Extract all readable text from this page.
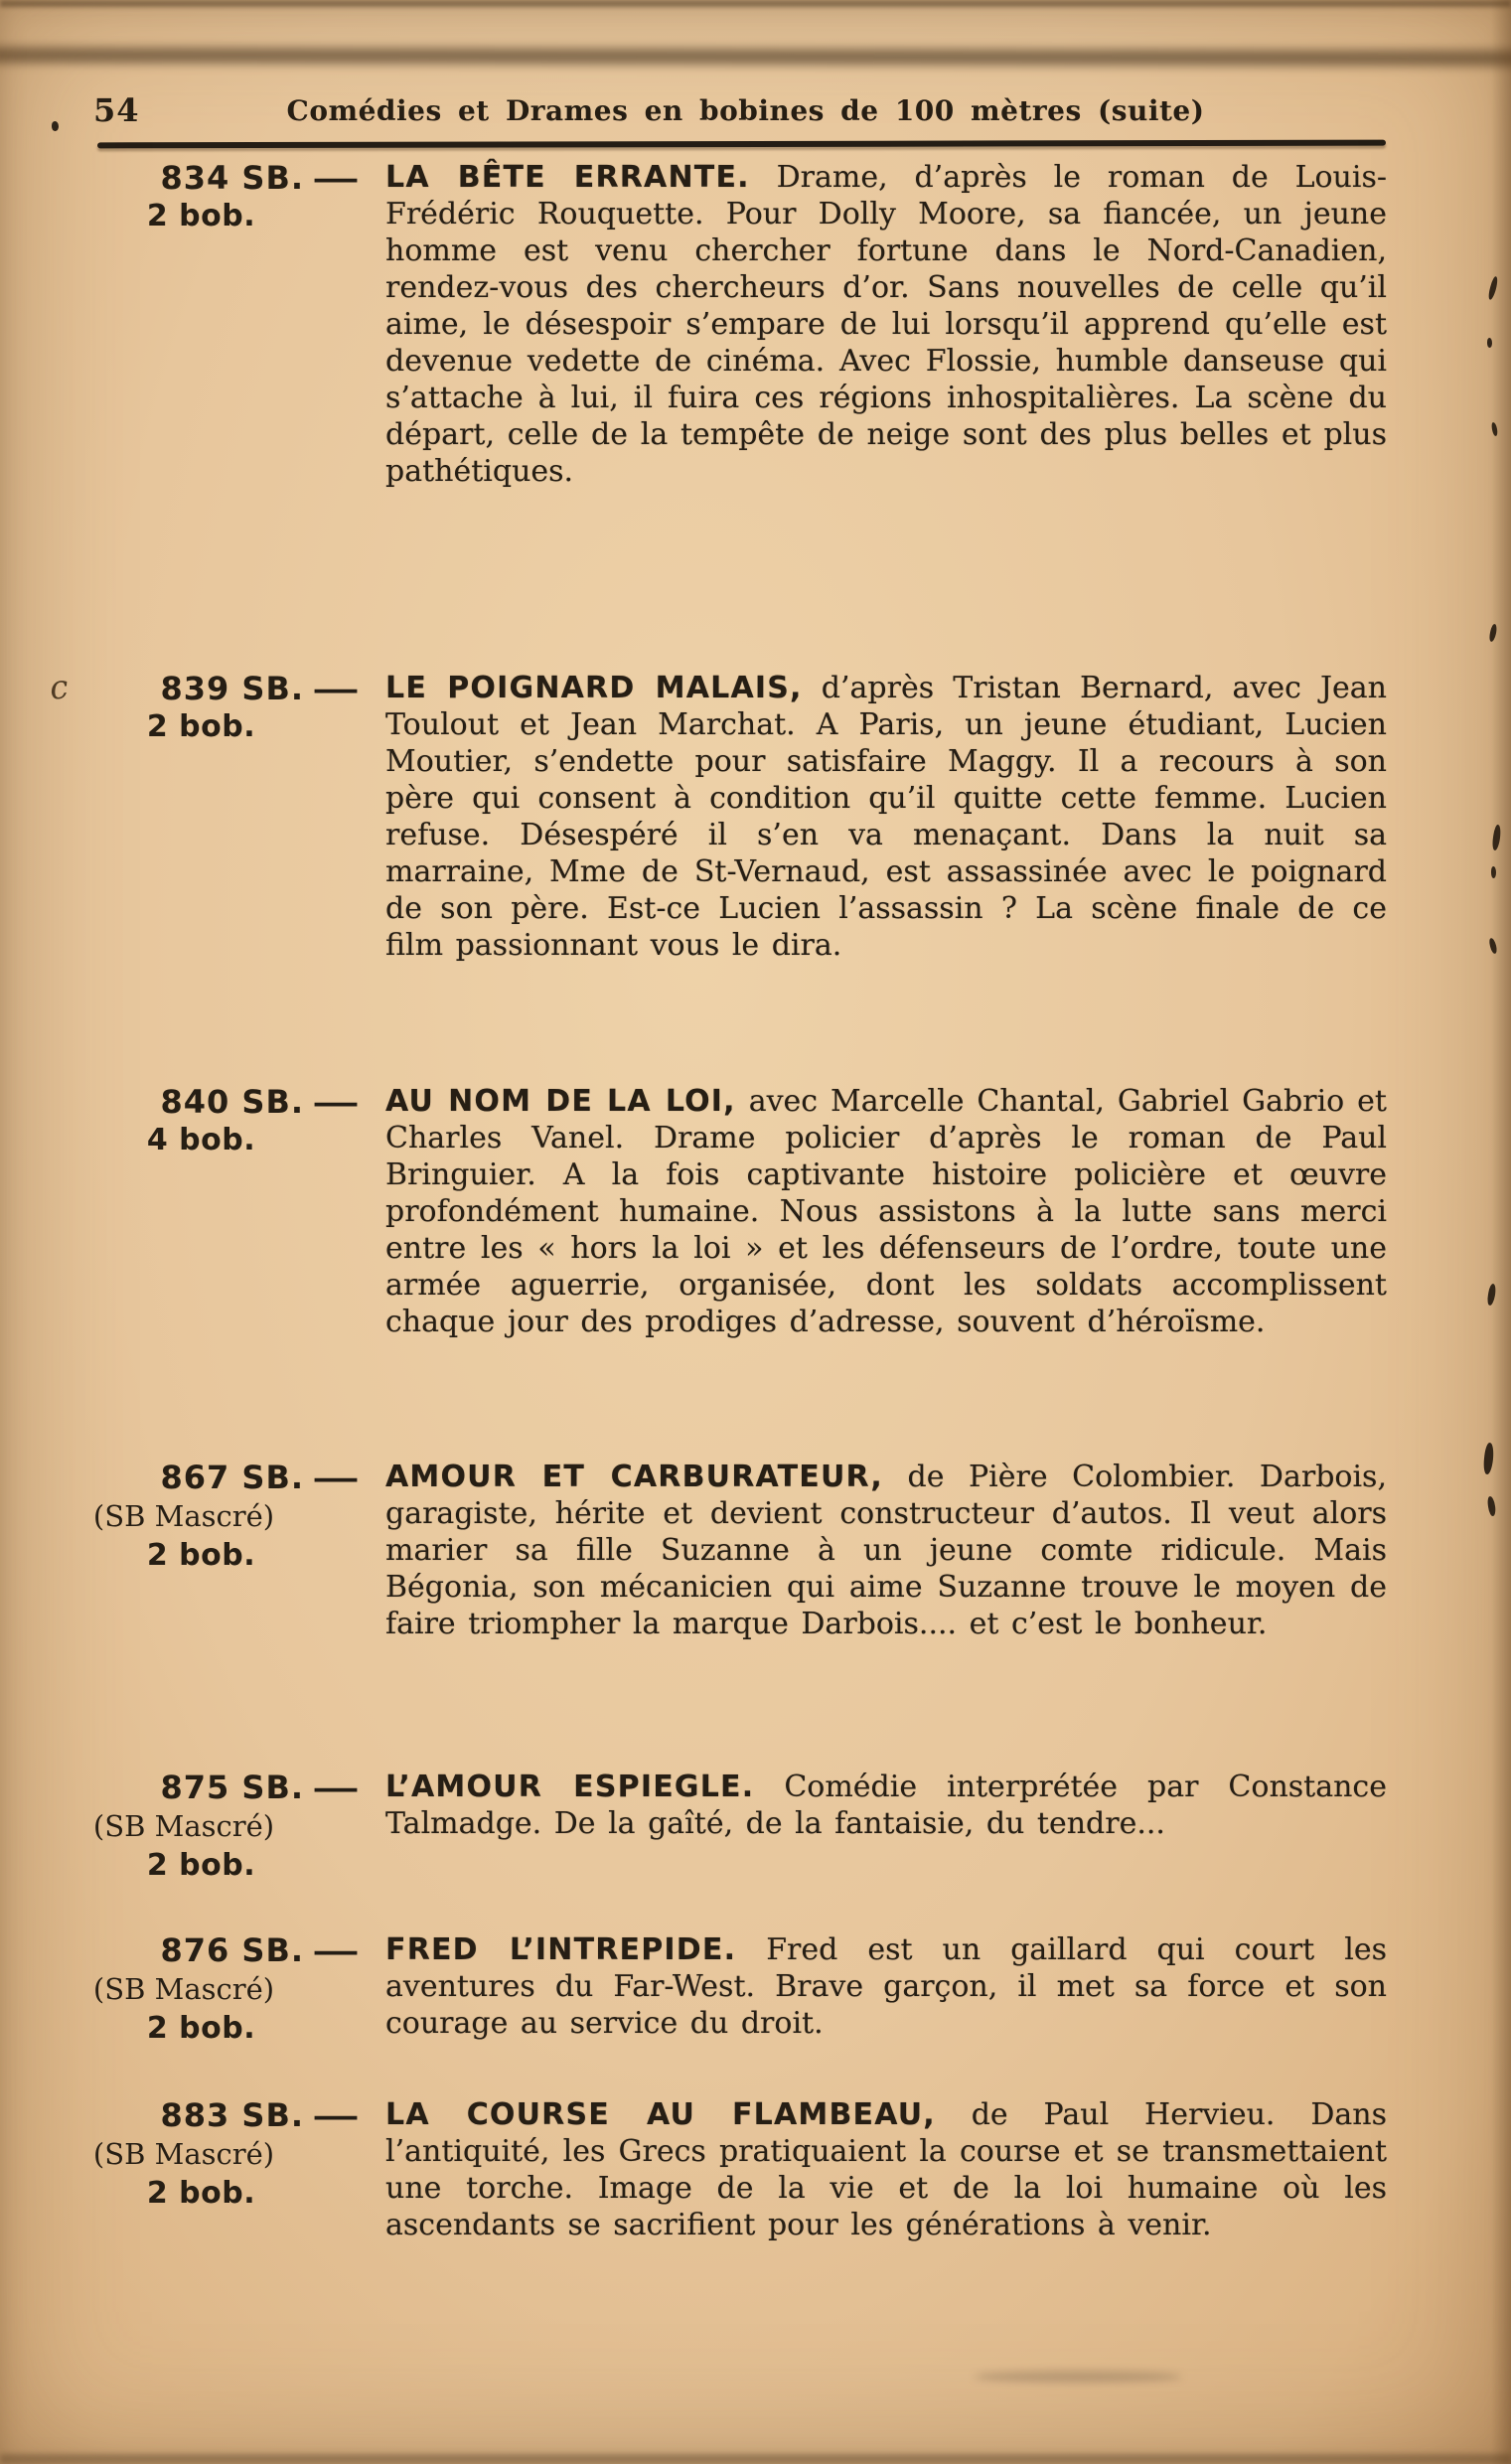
54	Comédies et Drames en bobines de 100 mètres (suite)
c
834 SB.
2 bob.
— LA BÊTE ERRANTE. Drame, d’après le roman de Louis-Frédéric Rouquette. Pour Dolly Moore, sa fiancée, un jeune homme est venu chercher fortune dans le Nord-Canadien, rendez-vous des chercheurs d’or. Sans nouvelles de celle qu’il aime, le désespoir s’empare de lui lorsqu’il apprend qu’elle est devenue vedette de cinéma. Avec Flossie, humble danseuse qui s’attache à lui, il fuira ces régions inhospitalières. La scène du départ, celle de la tempête de neige sont des plus belles et plus pathétiques.

839 SB.
2 bob.
— LE POIGNARD MALAIS, d’après Tristan Bernard, avec Jean Toulout et Jean Marchat. A Paris, un jeune étudiant, Lucien Moutier, s’endette pour satisfaire Maggy. Il a recours à son père qui consent à condition qu’il quitte cette femme. Lucien refuse. Désespéré il s’en va menaçant. Dans la nuit sa marraine, Mme de St-Vernaud, est assassinée avec le poignard de son père. Est-ce Lucien l’assassin ? La scène finale de ce film passionnant vous le dira.

840 SB.
4 bob.
— AU NOM DE LA LOI, avec Marcelle Chantal, Gabriel Gabrio et Charles Vanel. Drame policier d’après le roman de Paul Bringuier. A la fois captivante histoire policière et œuvre profondément humaine. Nous assistons à la lutte sans merci entre les « hors la loi » et les défenseurs de l’ordre, toute une armée aguerrie, organisée, dont les soldats accomplissent chaque jour des prodiges d’adresse, souvent d’héroïsme.

867 SB.
(SB Mascré)
2 bob.
— AMOUR ET CARBURATEUR, de Pière Colombier. Darbois, garagiste, hérite et devient constructeur d’autos. Il veut alors marier sa fille Suzanne à un jeune comte ridicule. Mais Bégonia, son mécanicien qui aime Suzanne trouve le moyen de faire triompher la marque Darbois.... et c’est le bonheur.

875 SB.
(SB Mascré)
2 bob.
— L’AMOUR ESPIEGLE. Comédie interprétée par Constance Talmadge. De la gaîté, de la fantaisie, du tendre...

876 SB.
(SB Mascré)
2 bob.
— FRED L’INTREPIDE. Fred est un gaillard qui court les aventures du Far-West. Brave garçon, il met sa force et son courage au service du droit.

883 SB.
(SB Mascré)
2 bob.
— LA COURSE AU FLAMBEAU, de Paul Hervieu. Dans l’antiquité, les Grecs pratiquaient la course et se transmettaient une torche. Image de la vie et de la loi humaine où les ascendants se sacrifient pour les générations à venir.
